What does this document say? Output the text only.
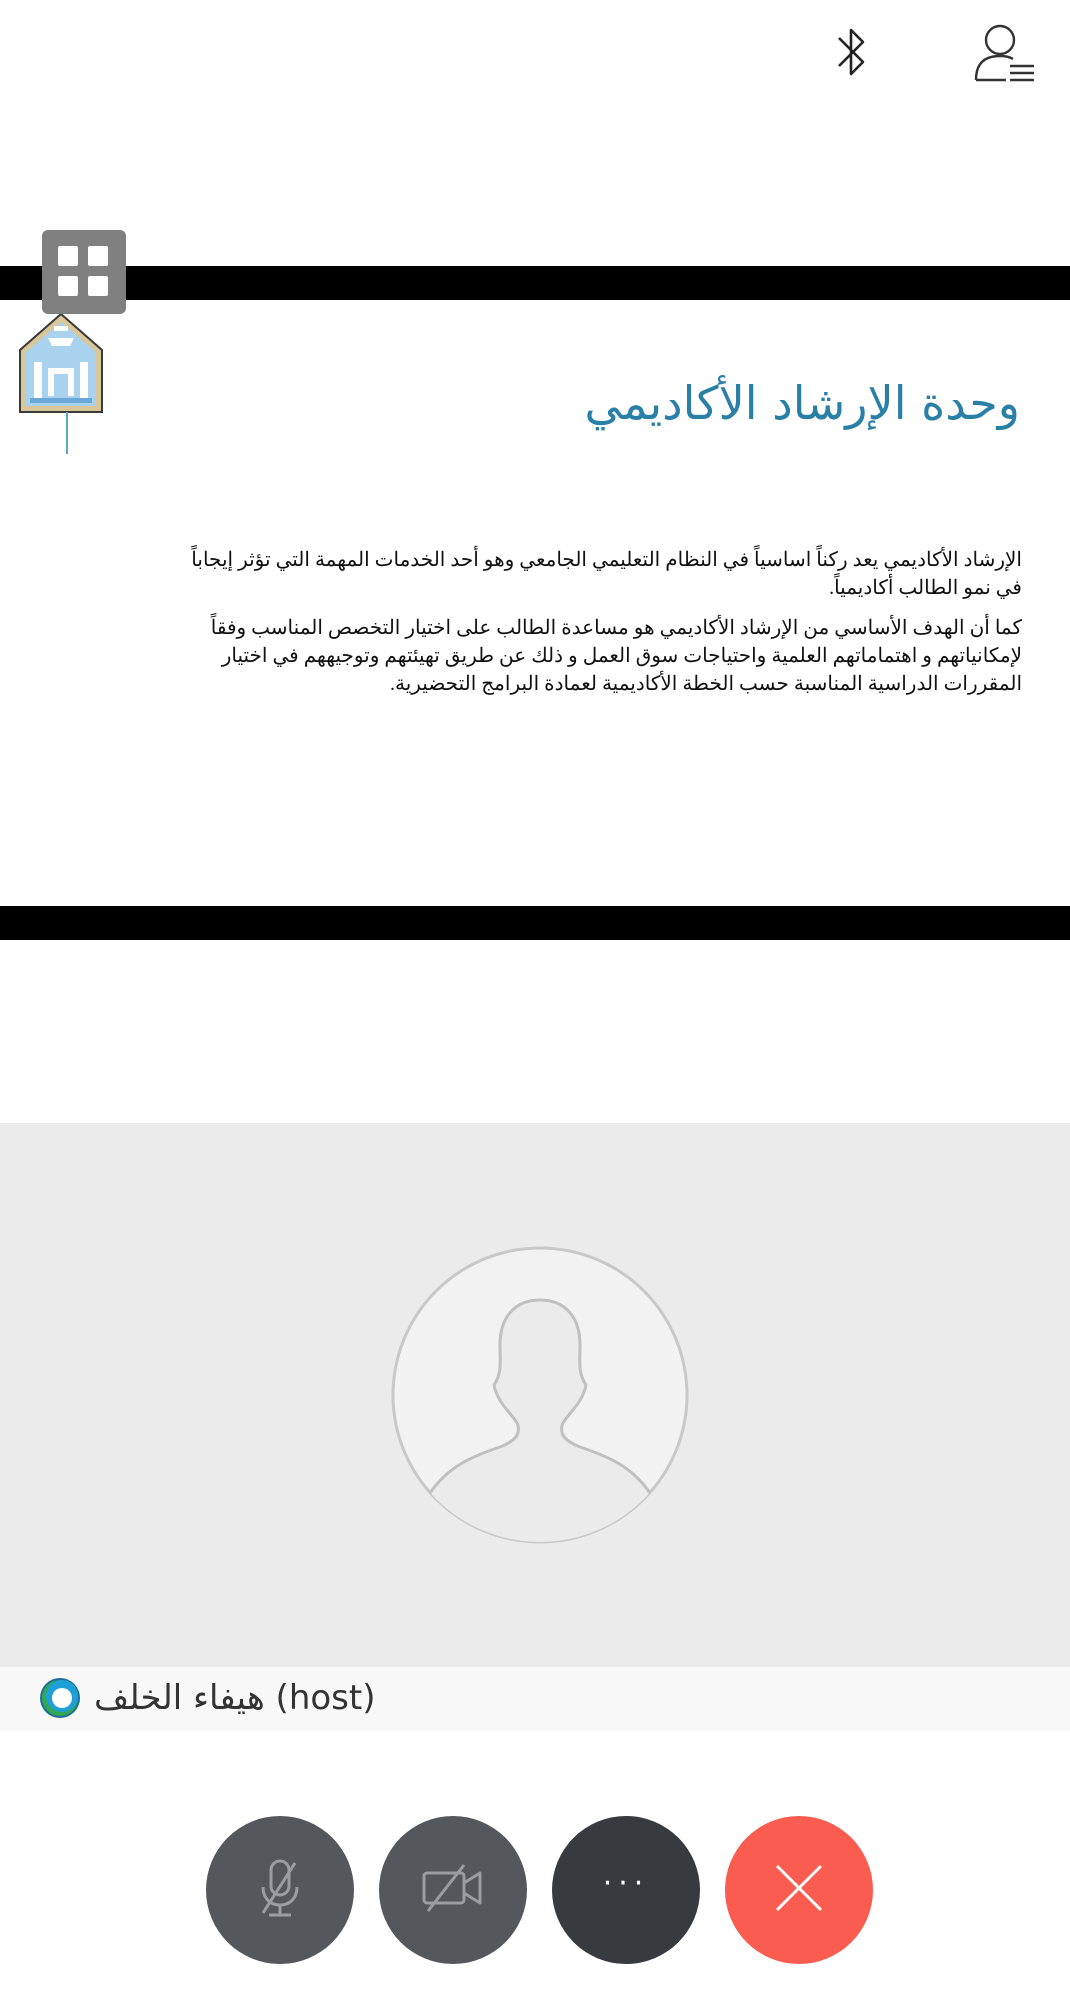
وحدة الإرشاد الأكاديمي

الإرشاد الأكاديمي يعد ركناً اساسياً في النظام التعليمي الجامعي وهو أحد الخدمات المهمة التي تؤثر إيجاباً في نمو الطالب أكاديمياً.

كما أن الهدف الأساسي من الإرشاد الأكاديمي هو مساعدة الطالب على اختيار التخصص المناسب وفقاً لإمكانياتهم و اهتماماتهم العلمية واحتياجات سوق العمل و ذلك عن طريق تهيئتهم وتوجيههم في اختيار المقررات الدراسية المناسبة حسب الخطة الأكاديمية لعمادة البرامج التحضيرية.

هيفاء الخلف (host)
···
